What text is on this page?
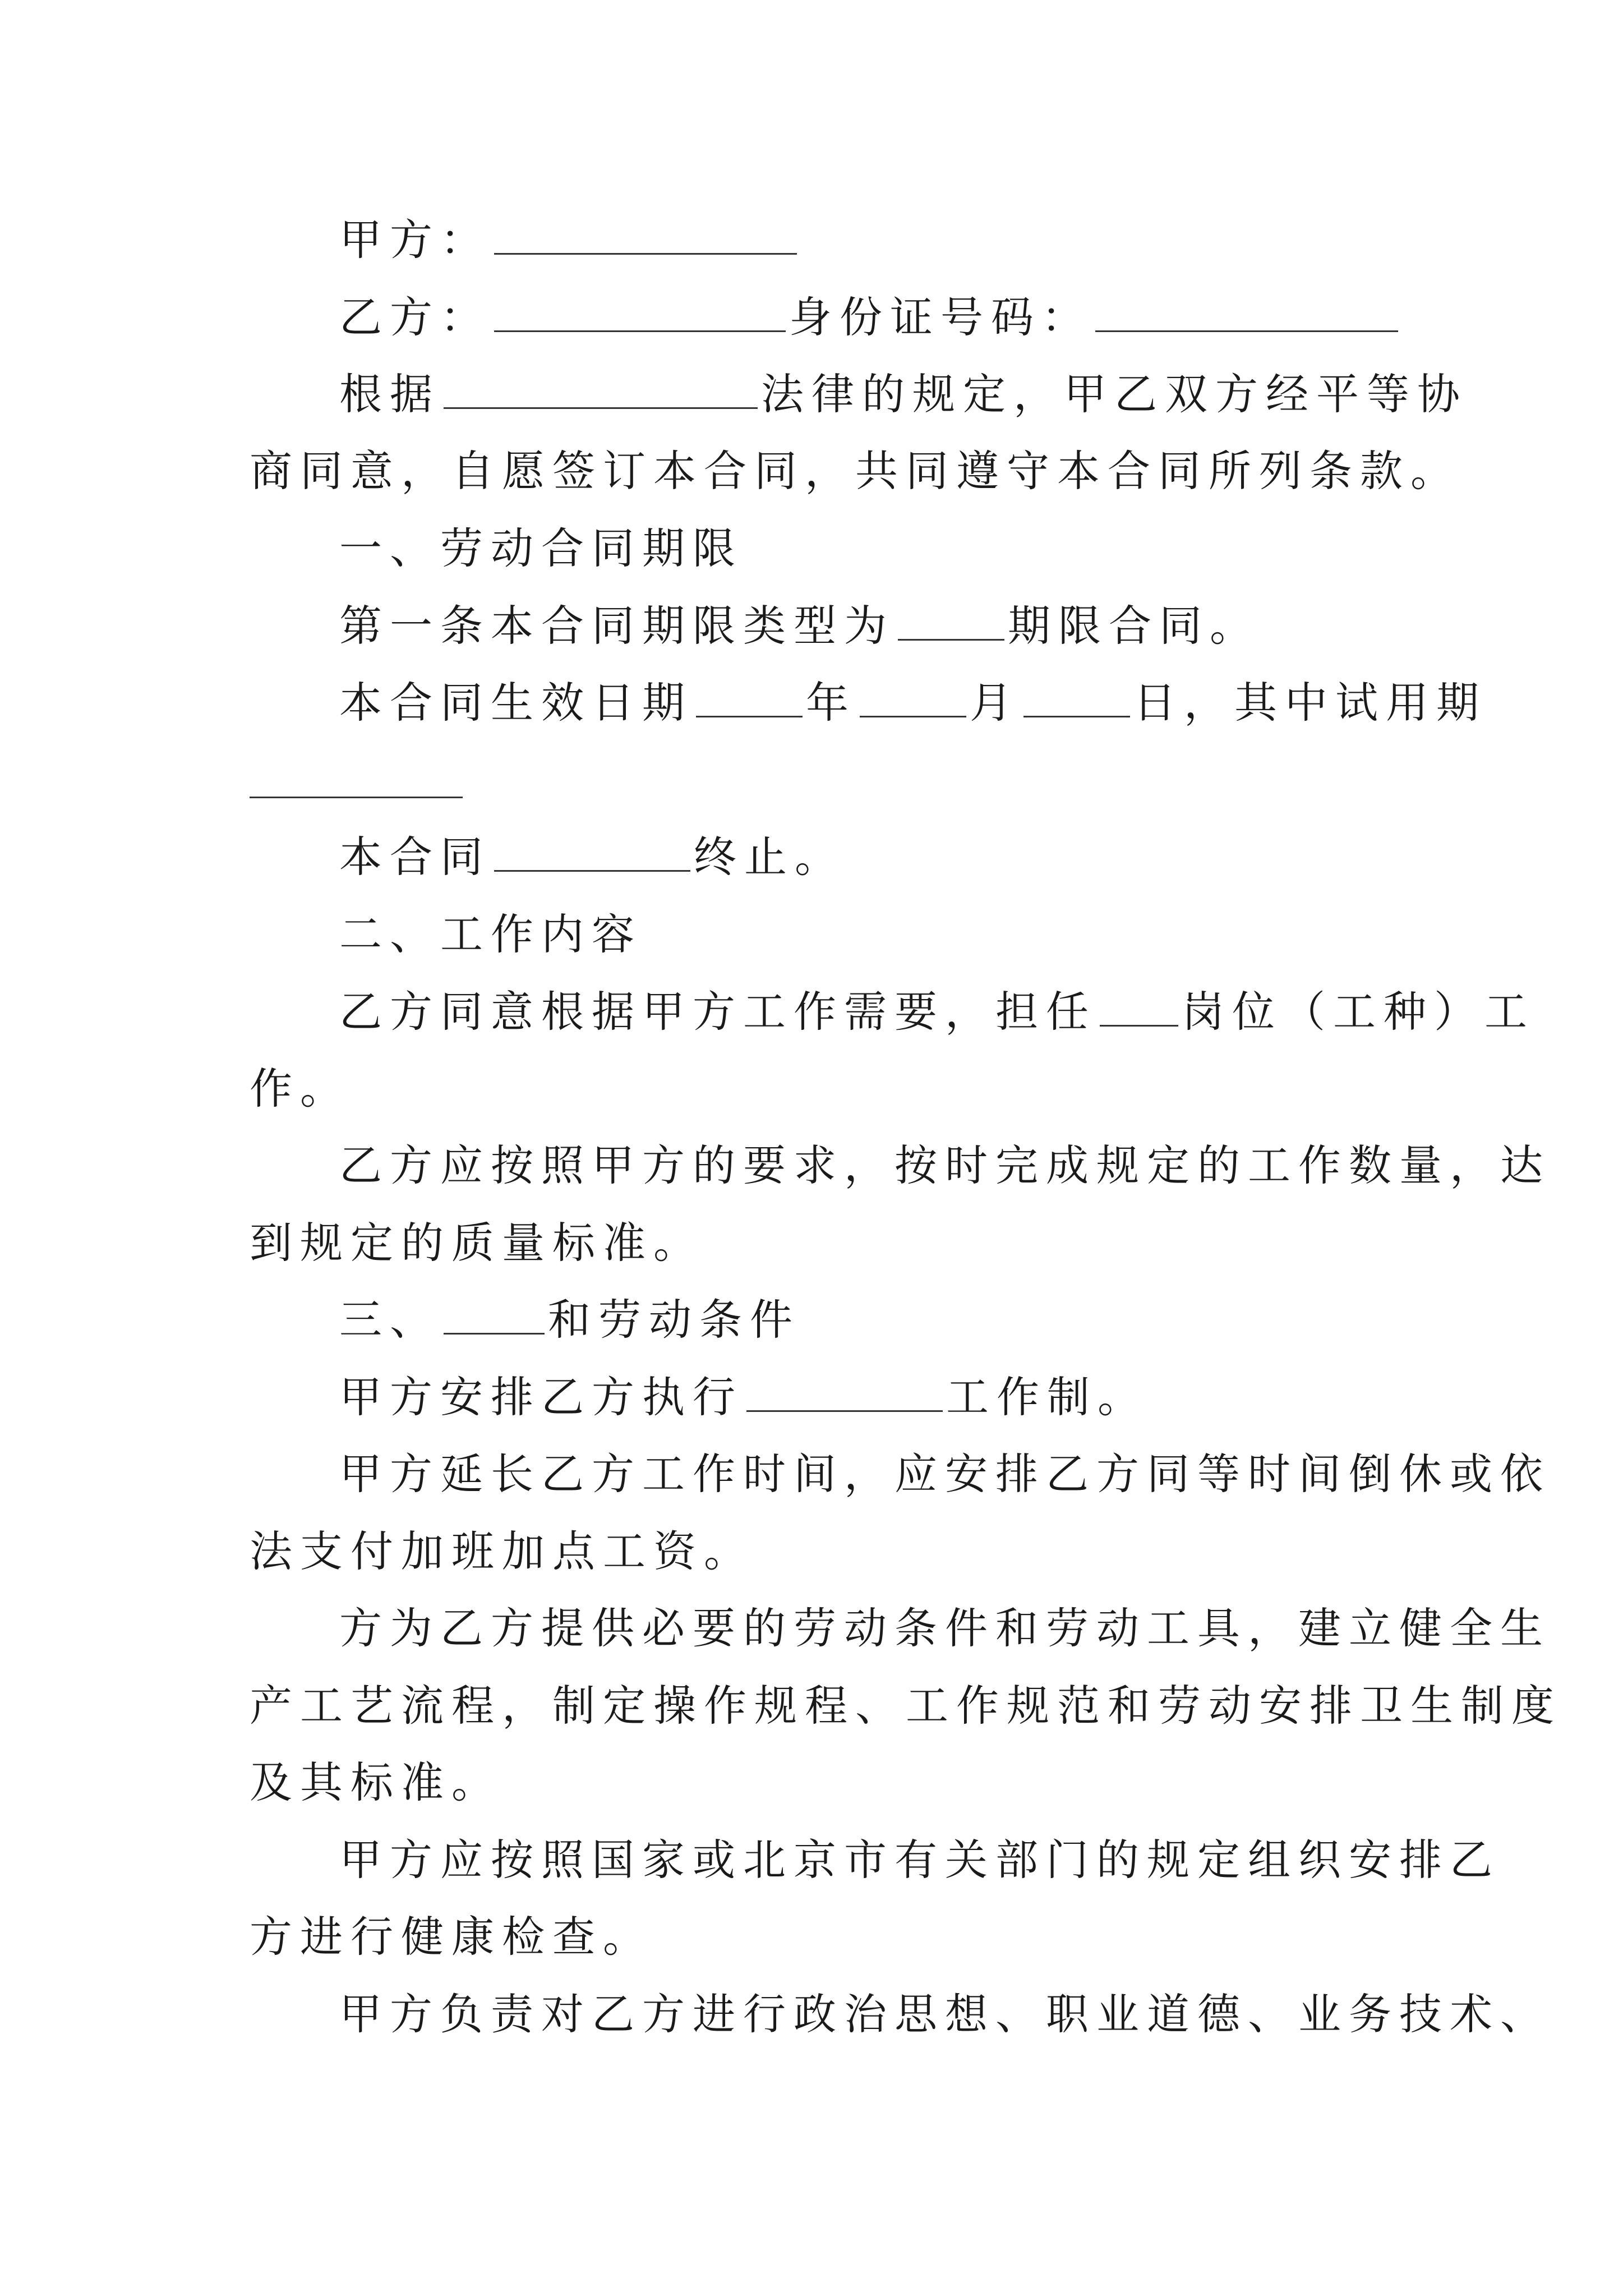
甲方：
乙方：	身份证号码：
根据	法律的规定，甲乙双方经平等协
商同意，自愿签订本合同，共同遵守本合同所列条款。
一、劳动合同期限
第一条本合同期限类型为	期限合同。
本合同生效日期	年	月	日，其中试用期
本合同	终止。
二、工作内容
乙方同意根据甲方工作需要，担任 岗位（工种）工
作。
乙方应按照甲方的要求，按时完成规定的工作数量，达
到规定的质量标准。
三、	和劳动条件
甲方安排乙方执行	工作制。
甲方延长乙方工作时间，应安排乙方同等时间倒休或依
法支付加班加点工资。
方为乙方提供必要的劳动条件和劳动工具，建立健全生
产工艺流程，制定操作规程、工作规范和劳动安排卫生制度
及其标准。
甲方应按照国家或北京市有关部门的规定组织安排乙
方进行健康检查。
甲方负责对乙方进行政治思想、职业道德、业务技术、
